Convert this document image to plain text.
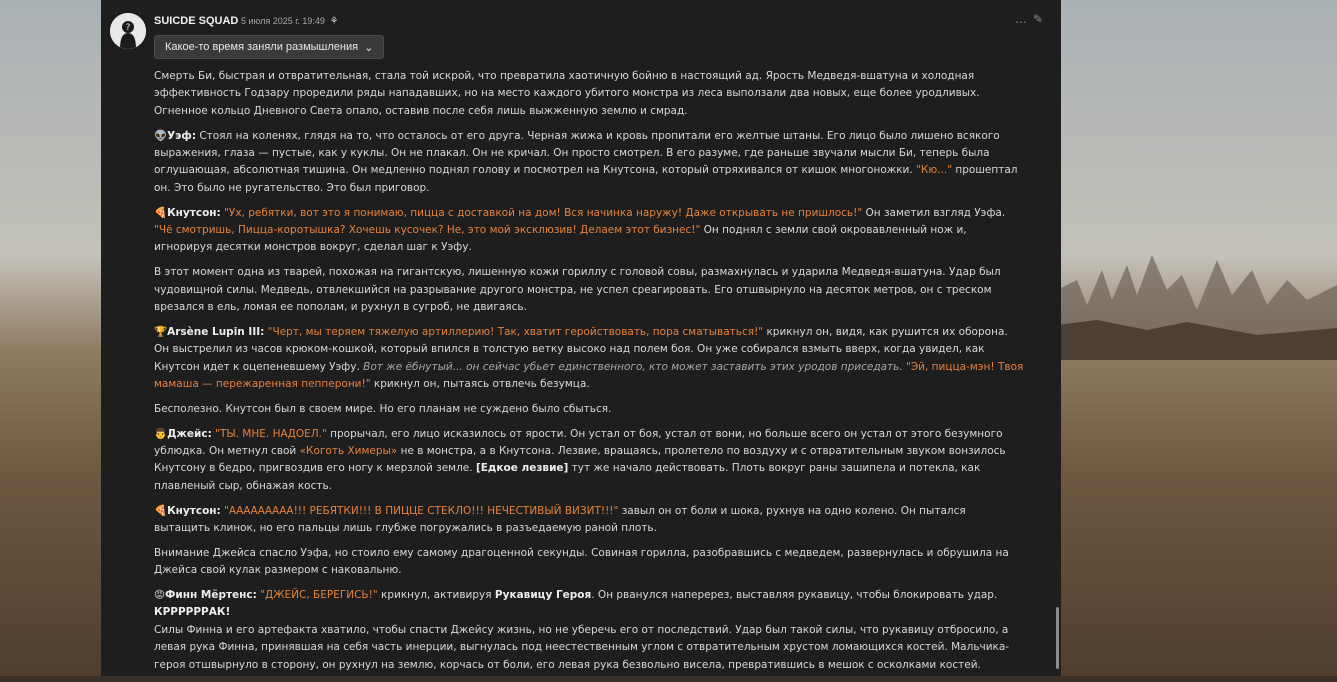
?
SUICDE SQUAD 5 июля 2025 г. 19:49 ⚘	… ✎
Какое-то время заняли размышления ⌄

Смерть Би, быстрая и отвратительная, стала той искрой, что превратила хаотичную бойню в настоящий ад. Ярость Медведя-вшатуна и холодная эффективность Годзару проредили ряды нападавших, но на место каждого убитого монстра из леса выползали два новых, еще более уродливых. Огненное кольцо Дневного Света опало, оставив после себя лишь выжженную землю и смрад.

👽Уэф: Стоял на коленях, глядя на то, что осталось от его друга. Черная жижа и кровь пропитали его желтые штаны. Его лицо было лишено всякого выражения, глаза — пустые, как у куклы. Он не плакал. Он не кричал. Он просто смотрел. В его разуме, где раньше звучали мысли Би, теперь была оглушающая, абсолютная тишина. Он медленно поднял голову и посмотрел на Кнутсона, который отряхивался от кишок многоножки. "Кю..." прошептал он. Это было не ругательство. Это был приговор.

🍕Кнутсон: "Ух, ребятки, вот это я понимаю, пицца с доставкой на дом! Вся начинка наружу! Даже открывать не пришлось!" Он заметил взгляд Уэфа. "Чё смотришь, Пицца-коротышка? Хочешь кусочек? Не, это мой эксклюзив! Делаем этот бизнес!" Он поднял с земли свой окровавленный нож и, игнорируя десятки монстров вокруг, сделал шаг к Уэфу.

В этот момент одна из тварей, похожая на гигантскую, лишенную кожи гориллу с головой совы, размахнулась и ударила Медведя-вшатуна. Удар был чудовищной силы. Медведь, отвлекшийся на разрывание другого монстра, не успел среагировать. Его отшвырнуло на десяток метров, он с треском врезался в ель, ломая ее пополам, и рухнул в сугроб, не двигаясь.

🏆Arsène Lupin III: "Черт, мы теряем тяжелую артиллерию! Так, хватит геройствовать, пора сматываться!" крикнул он, видя, как рушится их оборона. Он выстрелил из часов крюком-кошкой, который впился в толстую ветку высоко над полем боя. Он уже собирался взмыть вверх, когда увидел, как Кнутсон идет к оцепеневшему Уэфу. Вот же ёбнутый... он сейчас убьет единственного, кто может заставить этих уродов приседать. "Эй, пицца-мэн! Твоя мамаша — пережаренная пепперони!" крикнул он, пытаясь отвлечь безумца.

Бесполезно. Кнутсон был в своем мире. Но его планам не суждено было сбыться.

👨Джейс: "ТЫ. МНЕ. НАДОЕЛ." прорычал, его лицо исказилось от ярости. Он устал от боя, устал от вони, но больше всего он устал от этого безумного ублюдка. Он метнул свой «Коготь Химеры» не в монстра, а в Кнутсона. Лезвие, вращаясь, пролетело по воздуху и с отвратительным звуком вонзилось Кнутсону в бедро, пригвоздив его ногу к мерзлой земле. [Едкое лезвие] тут же начало действовать. Плоть вокруг раны зашипела и потекла, как плавленый сыр, обнажая кость.

🍕Кнутсон: "ААААААААА!!! РЕБЯТКИ!!! В ПИЦЦЕ СТЕКЛО!!! НЕЧЕСТИВЫЙ ВИЗИТ!!!" завыл он от боли и шока, рухнув на одно колено. Он пытался вытащить клинок, но его пальцы лишь глубже погружались в разъедаемую раной плоть.

Внимание Джейса спасло Уэфа, но стоило ему самому драгоценной секунды. Совиная горилла, разобравшись с медведем, развернулась и обрушила на Джейса свой кулак размером с наковальню.

😡Финн Мёртенс: "ДЖЕЙС, БЕРЕГИСЬ!" крикнул, активируя Рукавицу Героя. Он рванулся наперерез, выставляя рукавицу, чтобы блокировать удар.
КРРРРРРАК!

Силы Финна и его артефакта хватило, чтобы спасти Джейсу жизнь, но не уберечь его от последствий. Удар был такой силы, что рукавицу отбросило, а левая рука Финна, принявшая на себя часть инерции, выгнулась под неестественным углом с отвратительным хрустом ломающихся костей. Мальчика-героя отшвырнуло в сторону, он рухнул на землю, корчась от боли, его левая рука безвольно висела, превратившись в мешок с осколками костей.
